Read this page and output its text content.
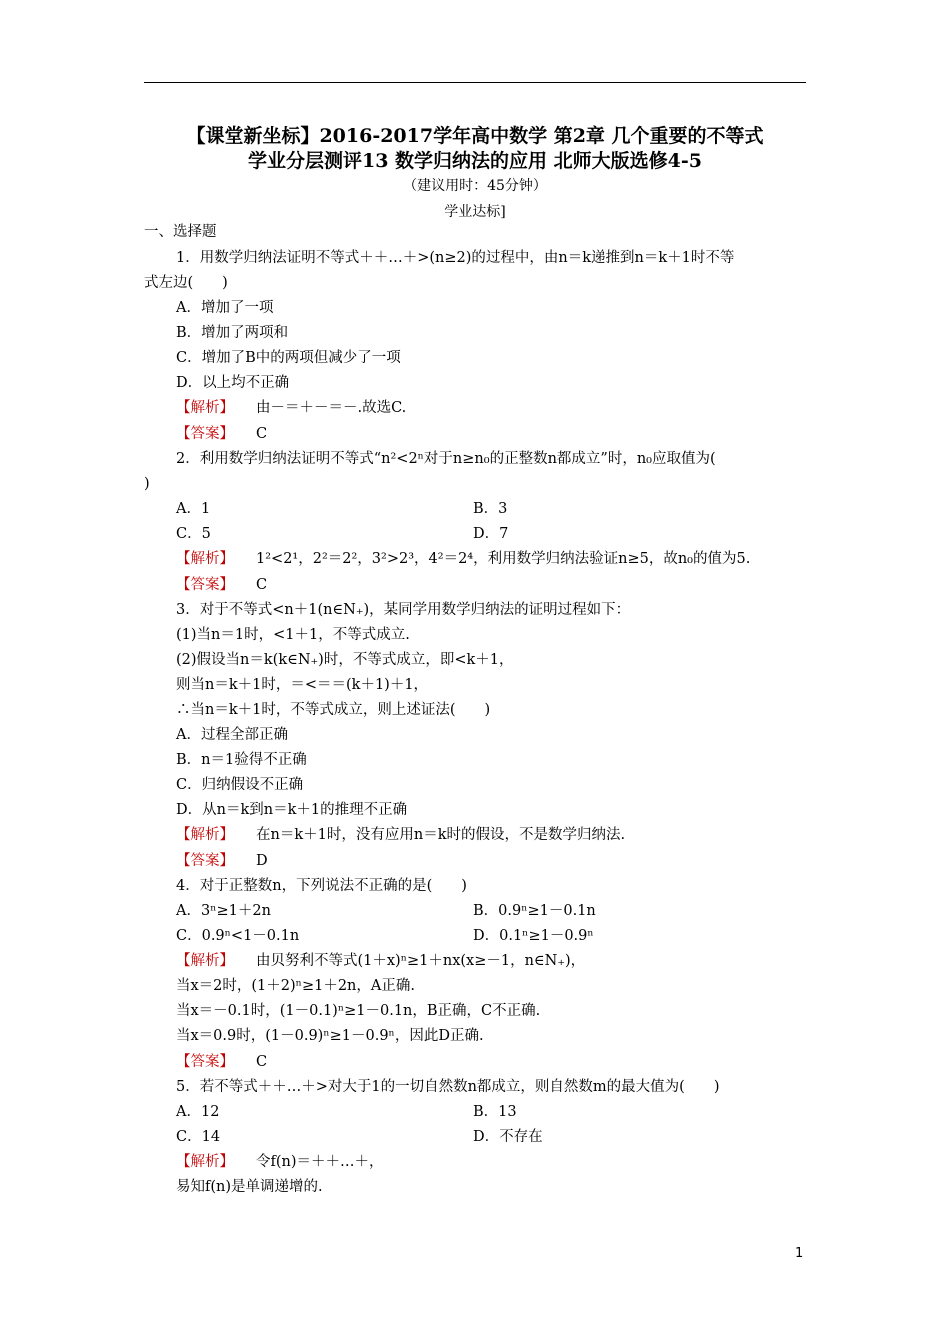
【课堂新坐标】2016-2017学年高中数学 第2章 几个重要的不等式
学业分层测评13 数学归纳法的应用 北师大版选修4-5
（建议用时：45分钟）
学业达标]
一、选择题
1．用数学归纳法证明不等式＋＋…＋>(n≥2)的过程中，由n＝k递推到n＝k＋1时不等
式左边(　　)
A．增加了一项
B．增加了两项和
C．增加了B中的两项但减少了一项
D．以上均不正确
【解析】 由－＝＋－＝－.故选C.
【答案】 C
2．利用数学归纳法证明不等式“n²<2ⁿ对于n≥n₀的正整数n都成立”时，n₀应取值为(
)
A．1	B．3
C．5	D．7
【解析】 1²<2¹，2²＝2²，3²>2³，4²＝2⁴，利用数学归纳法验证n≥5，故n₀的值为5.
【答案】 C
3．对于不等式<n＋1(n∈N₊)，某同学用数学归纳法的证明过程如下：
(1)当n＝1时，<1＋1，不等式成立.
(2)假设当n＝k(k∈N₊)时，不等式成立，即<k＋1，
则当n＝k＋1时，＝<＝＝(k＋1)＋1，
∴当n＝k＋1时，不等式成立，则上述证法(　　)
A．过程全部正确
B．n＝1验得不正确
C．归纳假设不正确
D．从n＝k到n＝k＋1的推理不正确
【解析】 在n＝k＋1时，没有应用n＝k时的假设，不是数学归纳法.
【答案】 D
4．对于正整数n，下列说法不正确的是(　　)
A．3ⁿ≥1＋2n	B．0.9ⁿ≥1－0.1n
C．0.9ⁿ<1－0.1n	D．0.1ⁿ≥1－0.9ⁿ
【解析】 由贝努利不等式(1＋x)ⁿ≥1＋nx(x≥－1，n∈N₊)，
当x＝2时，(1＋2)ⁿ≥1＋2n，A正确.
当x＝－0.1时，(1－0.1)ⁿ≥1－0.1n，B正确，C不正确.
当x＝0.9时，(1－0.9)ⁿ≥1－0.9ⁿ，因此D正确.
【答案】 C
5．若不等式＋＋…＋>对大于1的一切自然数n都成立，则自然数m的最大值为(　　)
A．12	B．13
C．14	D．不存在
【解析】 令f(n)＝＋＋…＋，
易知f(n)是单调递增的.
1
